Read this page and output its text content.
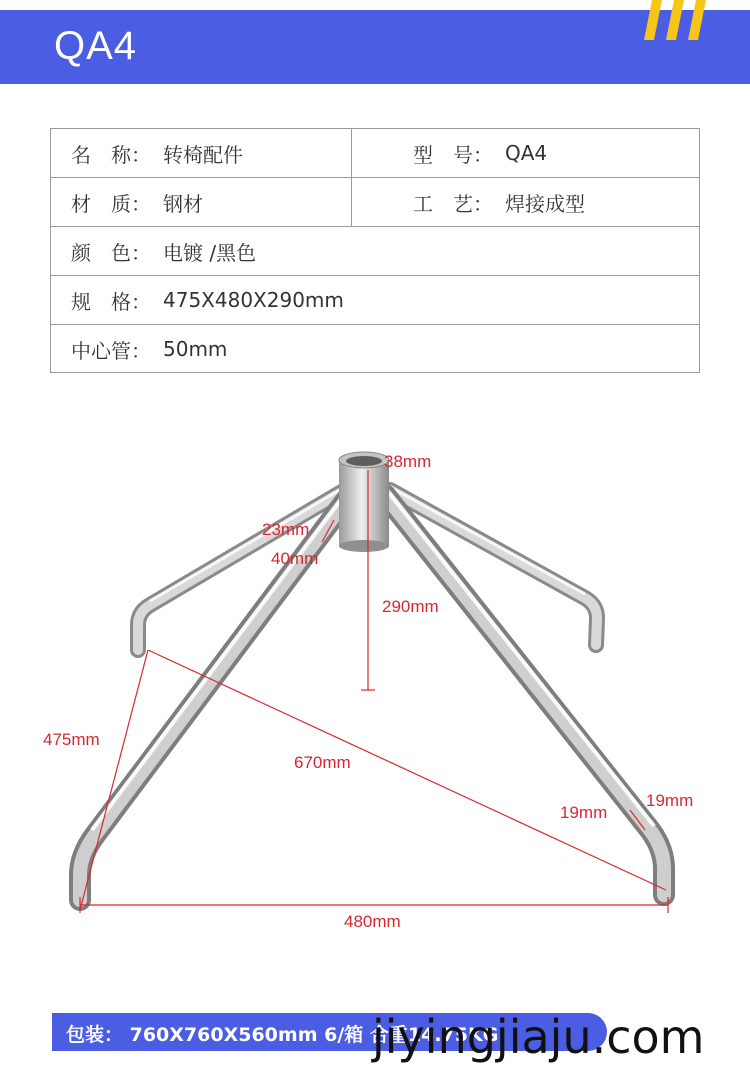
QA4
名　称： 转椅配件	型　号： QA4
材　质： 钢材	工　艺： 焊接成型
颜　色： 电镀 /黑色
规　格： 475X480X290mm
中心管： 50mm
38mm
23mm
40mm
290mm
475mm
670mm
19mm
19mm
480mm
包装： 760X760X560mm 6/箱 合重14.75KG
jiyingjiaju.com
